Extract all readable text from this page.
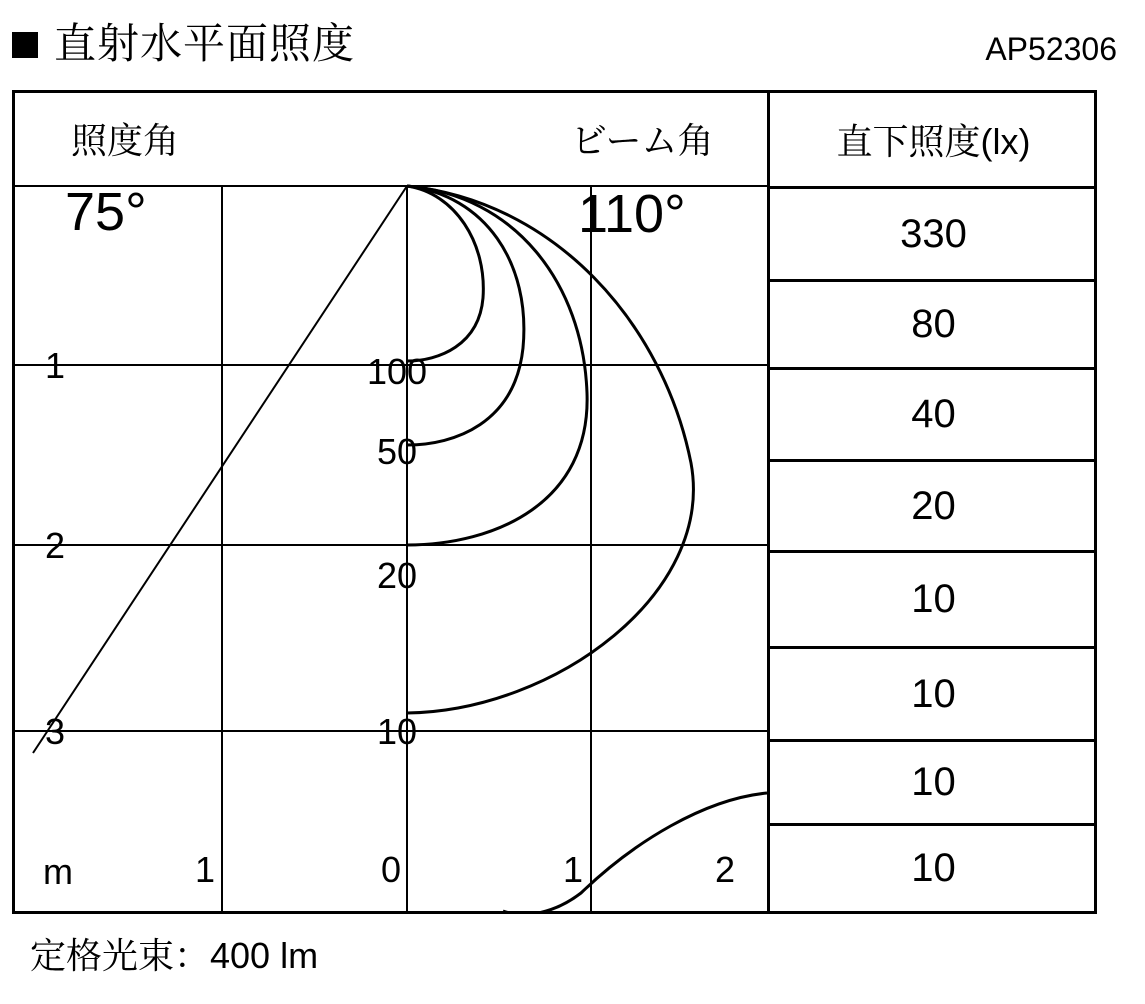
直射水平面照度	AP52306
照度角	ビーム角
75°	110°
1
2
3
m	1	0	1	2
100
50
20
10
直下照度(lx)
330
80
40
20
10
10
10
10
定格光束：400 lm
